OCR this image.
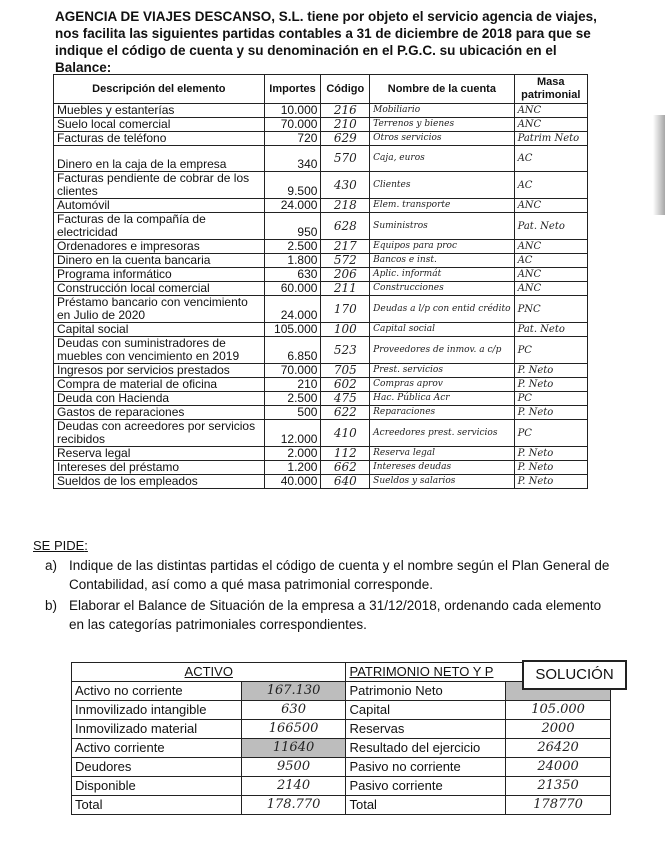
AGENCIA DE VIAJES DESCANSO, S.L. tiene por objeto el servicio agencia de viajes, nos facilita las siguientes partidas contables a 31 de diciembre de 2018 para que se indique el código de cuenta y su denominación en el P.G.C. su ubicación en el Balance:

Descripción del elemento	Importes	Código	Nombre de la cuenta	Masa patrimonial
Muebles y estanterías	10.000	216	Mobiliario	ANC
Suelo local comercial	70.000	210	Terrenos y bienes	ANC
Facturas de teléfono	720	629	Otros servicios	Patrim Neto
Dinero en la caja de la empresa	340	570	Caja, euros	AC
Facturas pendiente de cobrar de los clientes	9.500	430	Clientes	AC
Automóvil	24.000	218	Elem. transporte	ANC
Facturas de la compañía de electricidad	950	628	Suministros	Pat. Neto
Ordenadores e impresoras	2.500	217	Equipos para proc	ANC
Dinero en la cuenta bancaria	1.800	572	Bancos e inst.	AC
Programa informático	630	206	Aplic. informát	ANC
Construcción local comercial	60.000	211	Construcciones	ANC
Préstamo bancario con vencimiento en Julio de 2020	24.000	170	Deudas a l/p con entid crédito	PNC
Capital social	105.000	100	Capital social	Pat. Neto
Deudas con suministradores de muebles con vencimiento en 2019	6.850	523	Proveedores de inmov. a c/p	PC
Ingresos por servicios prestados	70.000	705	Prest. servicios	P. Neto
Compra de material de oficina	210	602	Compras aprov	P. Neto
Deuda con Hacienda	2.500	475	Hac. Pública Acr	PC
Gastos de reparaciones	500	622	Reparaciones	P. Neto
Deudas con acreedores por servicios recibidos	12.000	410	Acreedores prest. servicios	PC
Reserva legal	2.000	112	Reserva legal	P. Neto
Intereses del préstamo	1.200	662	Intereses deudas	P. Neto
Sueldos de los empleados	40.000	640	Sueldos y salarios	P. Neto
SE PIDE:
a) Indique de las distintas partidas el código de cuenta y el nombre según el Plan General de Contabilidad, así como a qué masa patrimonial corresponde.
b) Elaborar el Balance de Situación de la empresa a 31/12/2018, ordenando cada elemento en las categorías patrimoniales correspondientes.
ACTIVO		PATRIMONIO NETO Y P	
Activo no corriente	167.130	Patrimonio Neto	
Inmovilizado intangible	630	Capital	105.000
Inmovilizado material	166500	Reservas	2000
Activo corriente	11640	Resultado del ejercicio	26420
Deudores	9500	Pasivo no corriente	24000
Disponible	2140	Pasivo corriente	21350
Total	178.770	Total	178770
SOLUCIÓN
